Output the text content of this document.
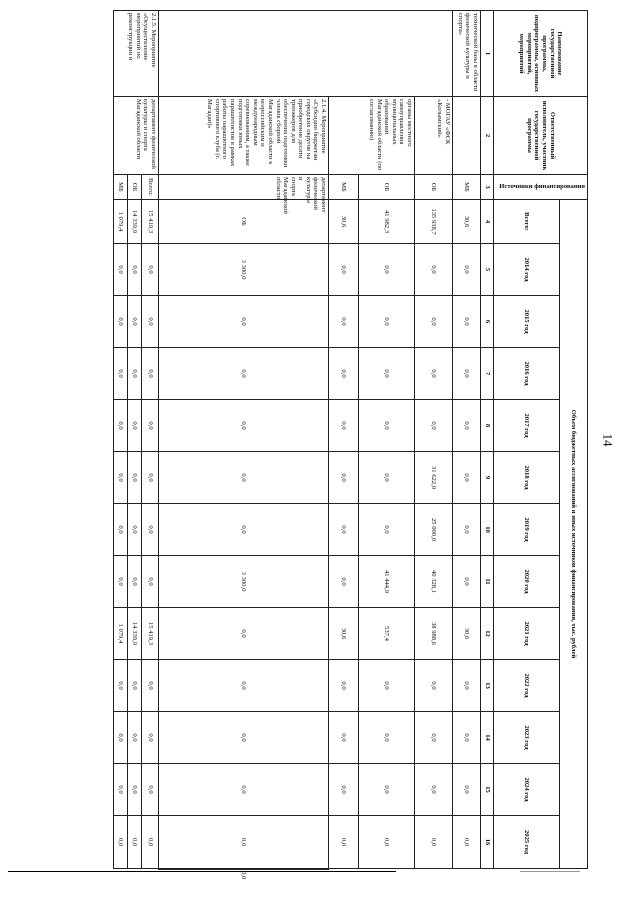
14
Наименование государственной программы, подпрограммы, основных мероприятий, мероприятий	Ответственный исполнитель, участник государственной программы	Источники финансирования	Объем бюджетных ассигнований и иных источников финансирования, тыс. рублей													
			Всего:	2014 год	2015 год	2016 год	2017 год	2018 год	2019 год	2020 год	2021 год	2022 год	2023 год	2024 год	2025 год	
1	2	3	4	5	6	7	8	9	10	11	12	13	14	15	16	
технической базы в области физической культуры и спорта»		МБ	30,6	0,0	0,0	0,0	0,0	0,0	0,0	0,0	30,6	0,0	0,0	0,0	0,0	
	- МОГАУ «ФСК «Колымский»	ОБ	135 938,7	0,0	0,0	0,0	0,0	31 622,0	25 000,0	40 328,1	38 988,6	0,0	0,0	0,0	0,0	
	органы местного самоуправления муниципальных образований Магаданской области (по согласованию)	ОБ	41 982,3	0,0	0,0	0,0	0,0	0,0	0,0	41 444,9	537,4	0,0	0,0	0,0	0,0	
		МБ	30,6	0,0	0,0	0,0	0,0	0,0	0,0	0,0	30,6	0,0	0,0	0,0	0,0	
	2.1.4. Мероприятие «Субсидии бюджетам городских округов на приобретение десяти тренажеров для обеспечения подготовки членов сборной Магаданской области к всероссийским и международным соревнованиям, а также подготовки юных парашютистов в рамках работы парашютного спортивного клуба (г. Магадан)»	департамент физической культуры и спорта Магаданской области	ОБ	3 300,0	0,0	0,0	0,0	0,0	0,0	3 300,0	0,0	0,0	0,0	0,0	0,0	0,0
2.1.5. Мероприятие «Осуществление мероприятий по реконструкции и	департамент физической культуры и спорта Магаданской области	Всего:	15 419,3	0,0	0,0	0,0	0,0	0,0	0,0	0,0	15 419,3	0,0	0,0	0,0	0,0	
		ОБ	14 339,9	0,0	0,0	0,0	0,0	0,0	0,0	0,0	14 339,9	0,0	0,0	0,0	0,0	
		МБ	1 079,4	0,0	0,0	0,0	0,0	0,0	0,0	0,0	1 079,4	0,0	0,0	0,0	0,0	
